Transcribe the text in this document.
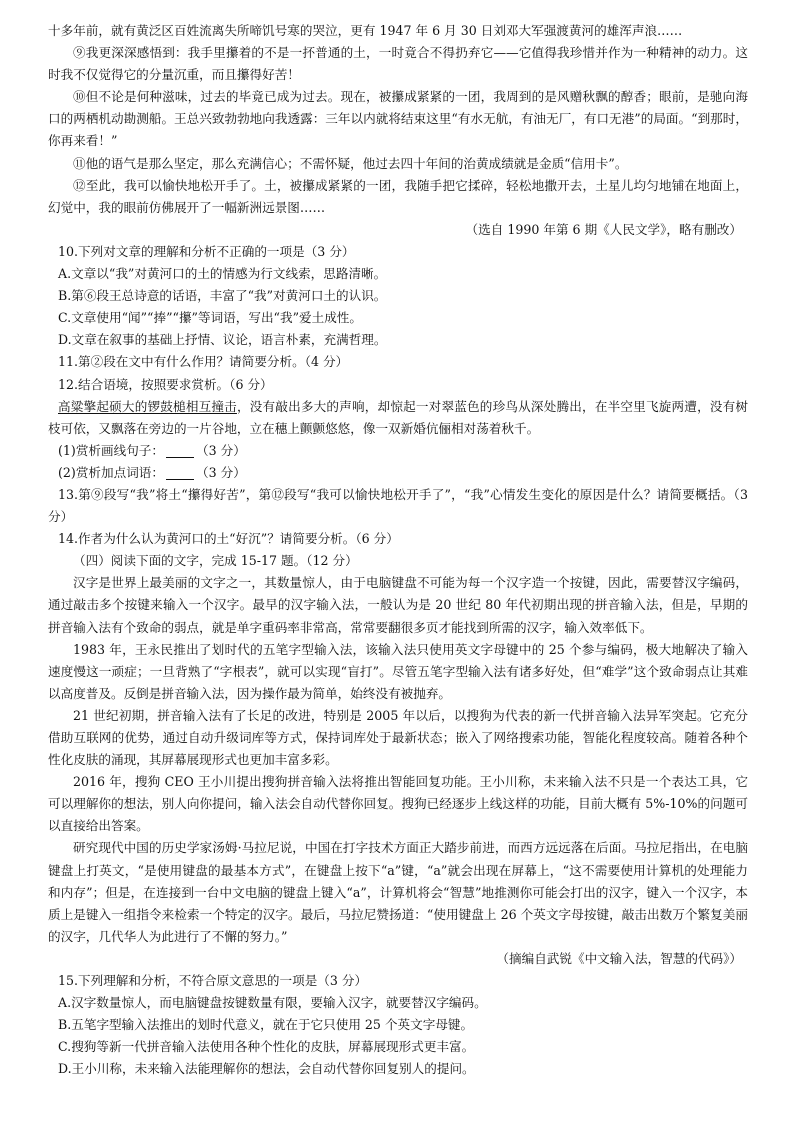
十多年前，就有黄泛区百姓流离失所啼饥号寒的哭泣，更有 1947 年 6 月 30 日刘邓大军强渡黄河的雄浑声浪……

⑨我更深深感悟到：我手里攥着的不是一抔普通的土，一时竟合不得扔弃它——它值得我珍惜并作为一种精神的动力。这时我不仅觉得它的分量沉重，而且攥得好苦！

⑩但不论是何种滋味，过去的毕竟已成为过去。现在，被攥成紧紧的一团，我周到的是风赠秋飘的醇香；眼前，是驰向海口的两栖机动勘测船。王总兴致勃勃地向我透露：三年以内就将结束这里“有水无航，有油无厂，有口无港”的局面。“到那时，你再来看！”

⑪他的语气是那么坚定，那么充满信心；不需怀疑，他过去四十年间的治黄成绩就是金质“信用卡”。

⑫至此，我可以愉快地松开手了。土，被攥成紧紧的一团，我随手把它揉碎，轻松地撒开去，土星儿均匀地铺在地面上，幻觉中，我的眼前仿佛展开了一幅新洲远景图……

（选自 1990 年第 6 期《人民文学》，略有删改）

10.下列对文章的理解和分析不正确的一项是（3 分）

A.文章以“我”对黄河口的土的情感为行文线索，思路清晰。

B.第⑥段王总诗意的话语，丰富了“我”对黄河口土的认识。

C.文章使用“闻”“捧”“攥”等词语，写出“我”爱土成性。

D.文章在叙事的基础上抒情、议论，语言朴素，充满哲理。

11.第②段在文中有什么作用？请简要分析。（4 分）

12.结合语境，按照要求赏析。（6 分）

高粱擎起硕大的锣鼓槌相互撞击，没有敲出多大的声响，却惊起一对翠蓝色的珍鸟从深处腾出，在半空里飞旋两遭，没有树枝可依，又飘落在旁边的一片谷地，立在穗上颤颤悠悠，像一双新婚伉俪相对荡着秋千。

(1)赏析画线句子：	（3 分）

(2)赏析加点词语：	（3 分）

13.第⑨段写“我”将土“攥得好苦”，第⑫段写“我可以愉快地松开手了”，“我”心情发生变化的原因是什么？请简要概括。（3 分）

14.作者为什么认为黄河口的土“好沉”？请简要分析。（6 分）

（四）阅读下面的文字，完成 15-17 题。（12 分）

汉字是世界上最美丽的文字之一，其数量惊人，由于电脑键盘不可能为每一个汉字造一个按键，因此，需要替汉字编码，通过敲击多个按键来输入一个汉字。最早的汉字输入法，一般认为是 20 世纪 80 年代初期出现的拼音输入法，但是，早期的拼音输入法有个致命的弱点，就是单字重码率非常高，常常要翻很多页才能找到所需的汉字，输入效率低下。

1983 年，王永民推出了划时代的五笔字型输入法，该输入法只使用英文字母键中的 25 个参与编码，极大地解决了输入速度慢这一顽症；一旦背熟了“字根表”，就可以实现“盲打”。尽管五笔字型输入法有诸多好处，但“难学”这个致命弱点让其难以高度普及。反倒是拼音输入法，因为操作最为简单，始终没有被抛弃。

21 世纪初期，拼音输入法有了长足的改进，特别是 2005 年以后，以搜狗为代表的新一代拼音输入法异军突起。它充分借助互联网的优势，通过自动升级词库等方式，保持词库处于最新状态；嵌入了网络搜索功能，智能化程度较高。随着各种个性化皮肤的涌现，其屏幕展现形式也更加丰富多彩。

2016 年，搜狗 CEO 王小川提出搜狗拼音输入法将推出智能回复功能。王小川称，未来输入法不只是一个表达工具，它可以理解你的想法，别人向你提问，输入法会自动代替你回复。搜狗已经逐步上线这样的功能，目前大概有 5%-10%的问题可以直接给出答案。

研究现代中国的历史学家汤姆·马拉尼说，中国在打字技术方面正大踏步前进，而西方远远落在后面。马拉尼指出，在电脑键盘上打英文，“是使用键盘的最基本方式”，在键盘上按下“a”键，“a”就会出现在屏幕上，“这不需要使用计算机的处理能力和内存”；但是，在连接到一台中文电脑的键盘上键入“a”，计算机将会“智慧”地推测你可能会打出的汉字，键入一个汉字，本质上是键入一组指令来检索一个特定的汉字。最后，马拉尼赞扬道：“使用键盘上 26 个英文字母按键，敲击出数万个繁复美丽的汉字，几代华人为此进行了不懈的努力。”

（摘编自武锐《中文输入法，智慧的代码》）

15.下列理解和分析，不符合原文意思的一项是（3 分）

A.汉字数量惊人，而电脑键盘按键数量有限，要输入汉字，就要替汉字编码。

B.五笔字型输入法推出的划时代意义，就在于它只使用 25 个英文字母键。

C.搜狗等新一代拼音输入法使用各种个性化的皮肤，屏幕展现形式更丰富。

D.王小川称，未来输入法能理解你的想法，会自动代替你回复别人的提问。
